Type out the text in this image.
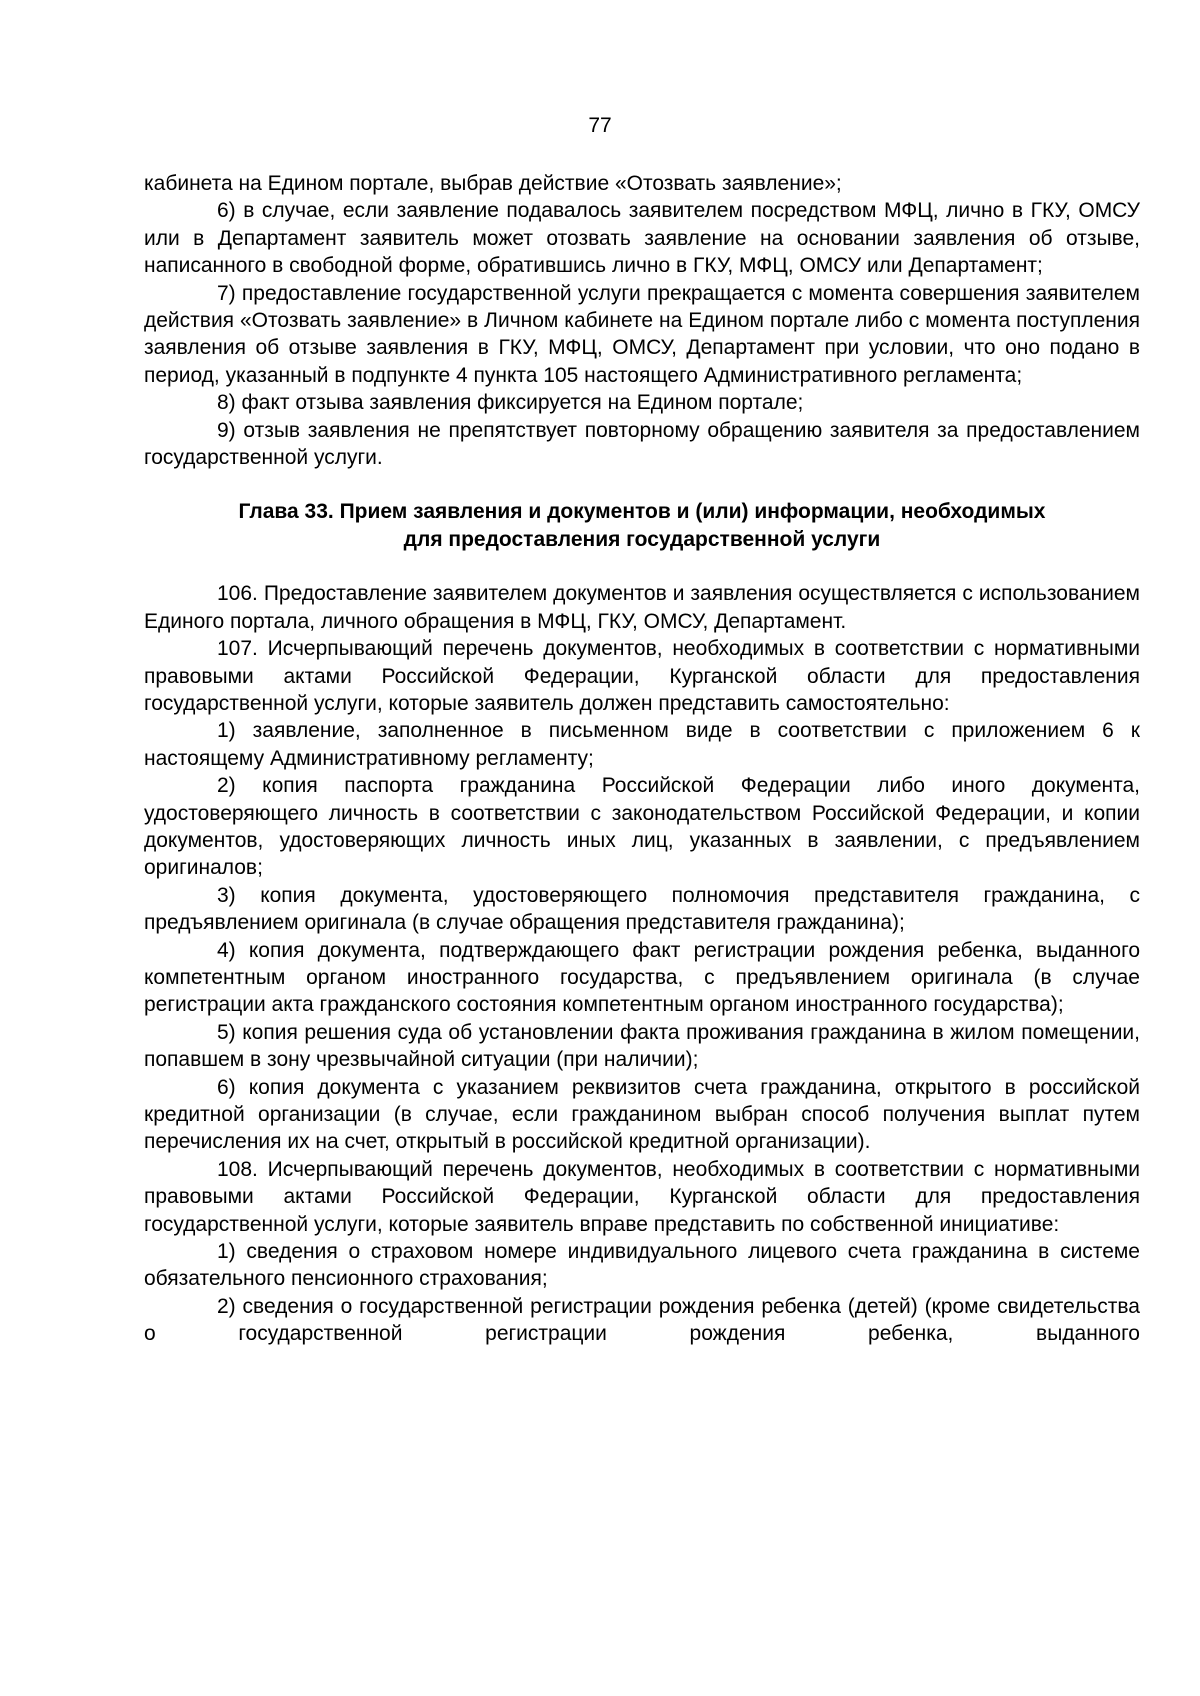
77

кабинета на Едином портале, выбрав действие «Отозвать заявление»;

6) в случае, если заявление подавалось заявителем посредством МФЦ, лично в ГКУ, ОМСУ или в Департамент заявитель может отозвать заявление на основании заявления об отзыве, написанного в свободной форме, обратившись лично в ГКУ, МФЦ, ОМСУ или Департамент;

7) предоставление государственной услуги прекращается с момента совершения заявителем действия «Отозвать заявление» в Личном кабинете на Едином портале либо с момента поступления заявления об отзыве заявления в ГКУ, МФЦ, ОМСУ, Департамент при условии, что оно подано в период, указанный в подпункте 4 пункта 105 настоящего Административного регламента;

8) факт отзыва заявления фиксируется на Едином портале;

9) отзыв заявления не препятствует повторному обращению заявителя за предоставлением государственной услуги.

Глава 33. Прием заявления и документов и (или) информации, необходимых
для предоставления государственной услуги

106. Предоставление заявителем документов и заявления осуществляется с использованием Единого портала, личного обращения в МФЦ, ГКУ, ОМСУ, Департамент.

107. Исчерпывающий перечень документов, необходимых в соответствии с нормативными правовыми актами Российской Федерации, Курганской области для предоставления государственной услуги, которые заявитель должен представить самостоятельно:

1) заявление, заполненное в письменном виде в соответствии с приложением 6 к настоящему Административному регламенту;

2) копия паспорта гражданина Российской Федерации либо иного документа, удостоверяющего личность в соответствии с законодательством Российской Федерации, и копии документов, удостоверяющих личность иных лиц, указанных в заявлении, с предъявлением оригиналов;

3) копия документа, удостоверяющего полномочия представителя гражданина, с предъявлением оригинала (в случае обращения представителя гражданина);

4) копия документа, подтверждающего факт регистрации рождения ребенка, выданного компетентным органом иностранного государства, с предъявлением оригинала (в случае регистрации акта гражданского состояния компетентным органом иностранного государства);

5) копия решения суда об установлении факта проживания гражданина в жилом помещении, попавшем в зону чрезвычайной ситуации (при наличии);

6) копия документа с указанием реквизитов счета гражданина, открытого в российской кредитной организации (в случае, если гражданином выбран способ получения выплат путем перечисления их на счет, открытый в российской кредитной организации).

108. Исчерпывающий перечень документов, необходимых в соответствии с нормативными правовыми актами Российской Федерации, Курганской области для предоставления государственной услуги, которые заявитель вправе представить по собственной инициативе:

1) сведения о страховом номере индивидуального лицевого счета гражданина в системе обязательного пенсионного страхования;

2) сведения о государственной регистрации рождения ребенка (детей) (кроме свидетельства о государственной регистрации рождения ребенка, выданного
